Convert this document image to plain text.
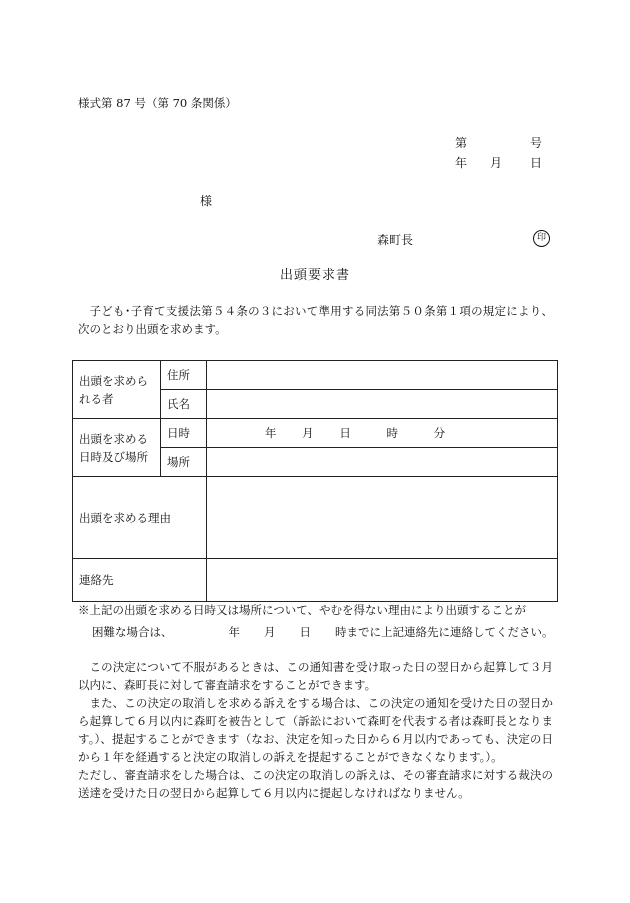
様式第 87 号（第 70 条関係）
第	号
年 月 日
様
森町長	印
出頭要求書
子ども･子育て支援法第５４条の３において準用する同法第５０条第１項の規定により、次のとおり出頭を求めます。
出頭を求められる者	住所	
	氏名	
出頭を求める日時及び場所	日時	年 月 日 時 分
	場所	
出頭を求める理由		
連絡先		
※上記の出頭を求める日時又は場所について、やむを得ない理由により出頭することが
困難な場合は、	年 月 日 時までに上記連絡先に連絡してください。

この決定について不服があるときは、この通知書を受け取った日の翌日から起算して３月以内に、森町長に対して審査請求をすることができます。

また、この決定の取消しを求める訴えをする場合は、この決定の通知を受けた日の翌日から起算して６月以内に森町を被告として（訴訟において森町を代表する者は森町長となります。）、提起することができます（なお、決定を知った日から６月以内であっても、決定の日から１年を経過すると決定の取消しの訴えを提起することができなくなります。）。

ただし、審査請求をした場合は、この決定の取消しの訴えは、その審査請求に対する裁決の送達を受けた日の翌日から起算して６月以内に提起しなければなりません。
